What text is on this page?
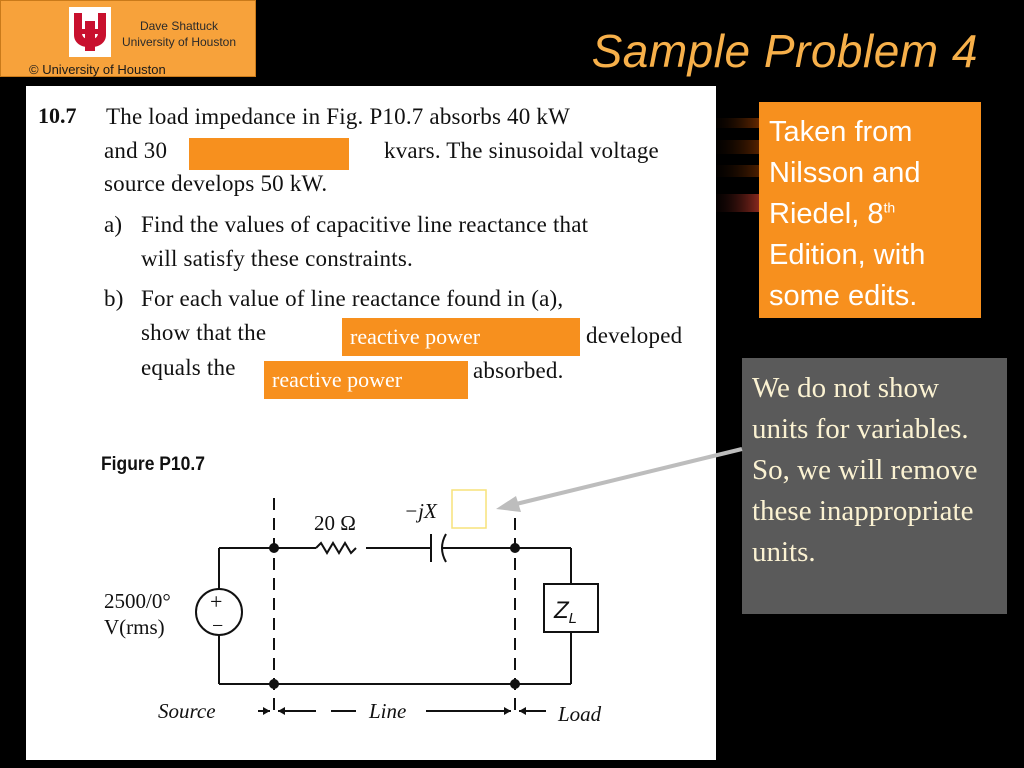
Dave Shattuck
University of Houston
© University of Houston	Sample Problem 4
10.7 The load impedance in Fig. P10.7 absorbs 40 kW
and 30	kvars. The sinusoidal voltage
source develops 50 kW.
a) Find the values of capacitive line reactance that
will satisfy these constraints.
b) For each value of line reactance found in (a),
show that the	reactive power	developed
equals the	reactive power	absorbed.
Figure P10.7
20 Ω −jX
2500/0°
V(rms)
+
−
$Z_L$
Source	Line	Load
Taken from
Nilsson and
Riedel, 8th
Edition, with
some edits.
We do not show units for variables. So, we will remove these inappropriate units.
